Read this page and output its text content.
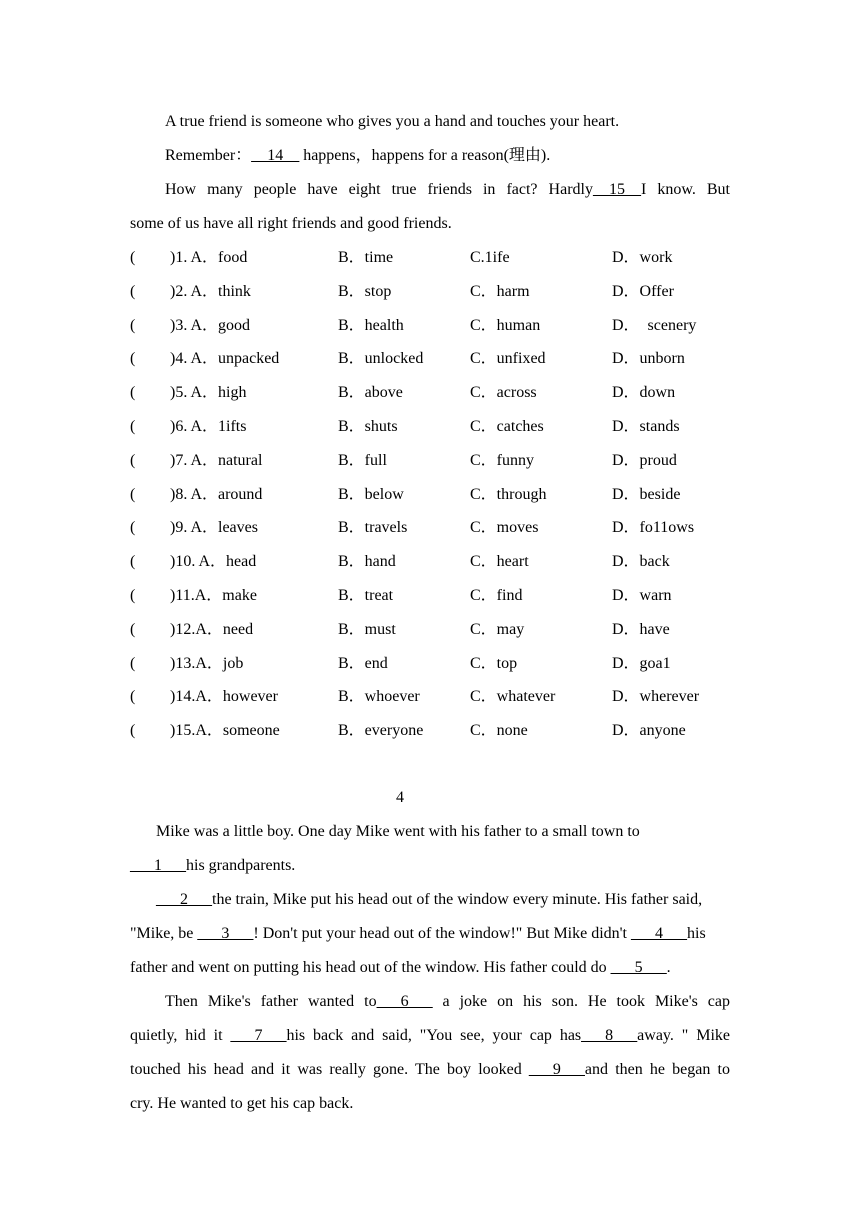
A true friend is someone who gives you a hand and touches your heart.
Remember：__14__ happens，happens for a reason(理由).
How many people have eight true friends in fact? Hardly__15__I know. But
some of us have all right friends and good friends.
( )1. A．food	B．time	C.1ife	D．work
( )2. A．think	B．stop	C．harm	D．Offer
( )3. A．good	B．health	C．human	D．  scenery
( )4. A．unpacked	B．unlocked	C．unfixed	D．unborn
( )5. A．high	B．above	C．across	D．down
( )6. A．1ifts	B．shuts	C．catches	D．stands
( )7. A．natural	B．full	C．funny	D．proud
( )8. A．around	B．below	C．through	D．beside
( )9. A．leaves	B．travels	C．moves	D．fo11ows
( )10. A．head	B．hand	C．heart	D．back
( )11.A．make	B．treat	C．find	D．warn
( )12.A．need	B．must	C．may	D．have
( )13.A．job	B．end	C．top	D．goa1
( )14.A．however	B．whoever	C．whatever	D．wherever
( )15.A．someone	B．everyone	C．none	D．anyone
4
Mike was a little boy. One day Mike went with his father to a small town to
___1___his grandparents.
___2___the train, Mike put his head out of the window every minute. His father said,
"Mike, be ___3___! Don't put your head out of the window!" But Mike didn't ___4___his
father and went on putting his head out of the window. His father could do ___5___.
Then Mike's father wanted to___6___ a joke on his son. He took Mike's cap
quietly, hid it ___7___his back and said, "You see, your cap has___8___away. " Mike
touched his head and it was really gone. The boy looked ___9___and then he began to
cry. He wanted to get his cap back.
